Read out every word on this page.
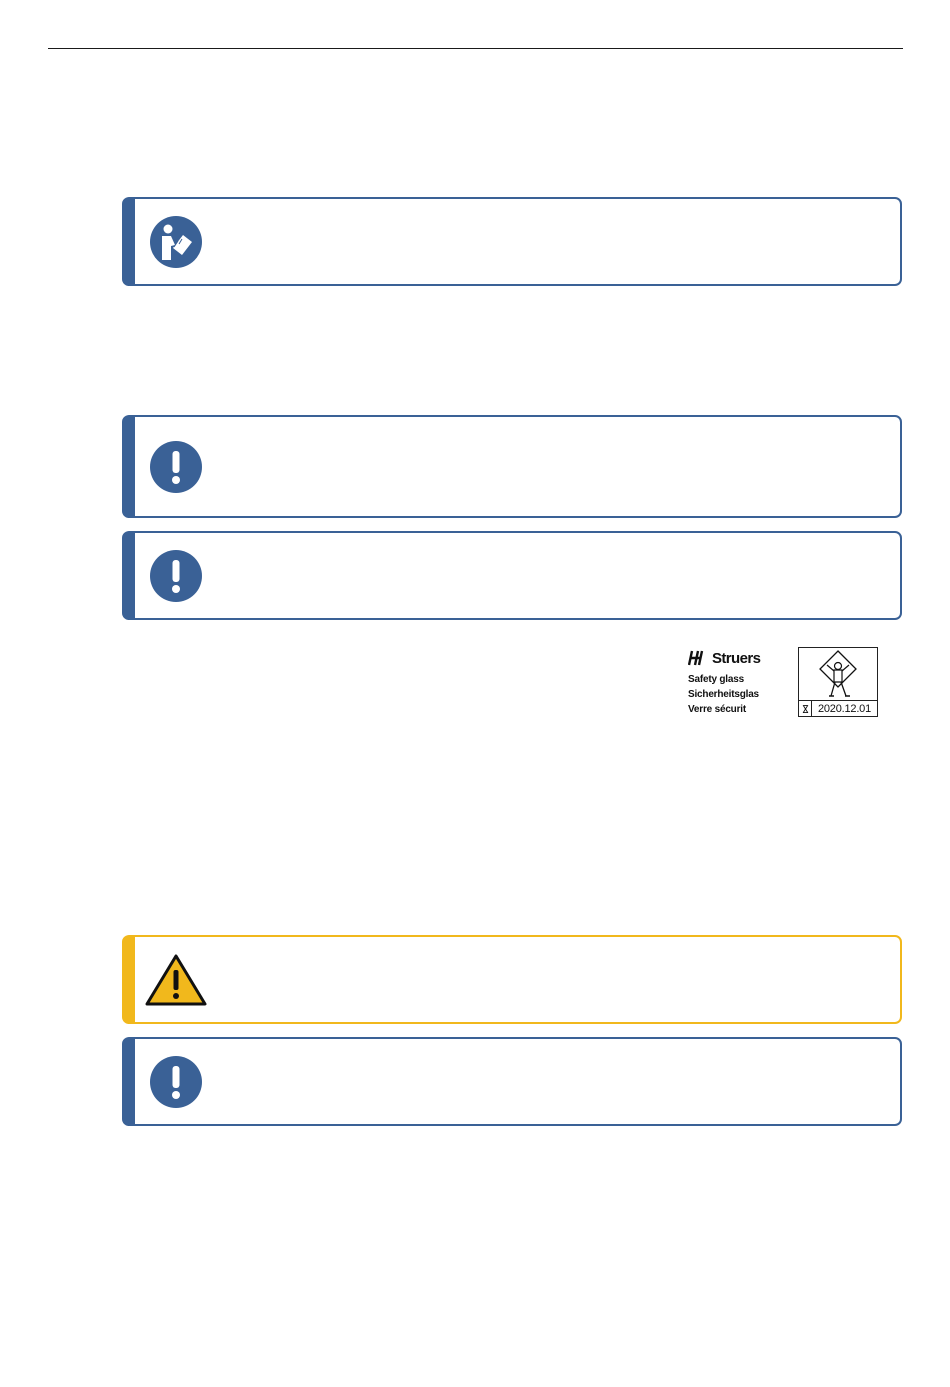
Struers
Safety glass
Sicherheitsglas
Verre sécurit	2020.12.01
